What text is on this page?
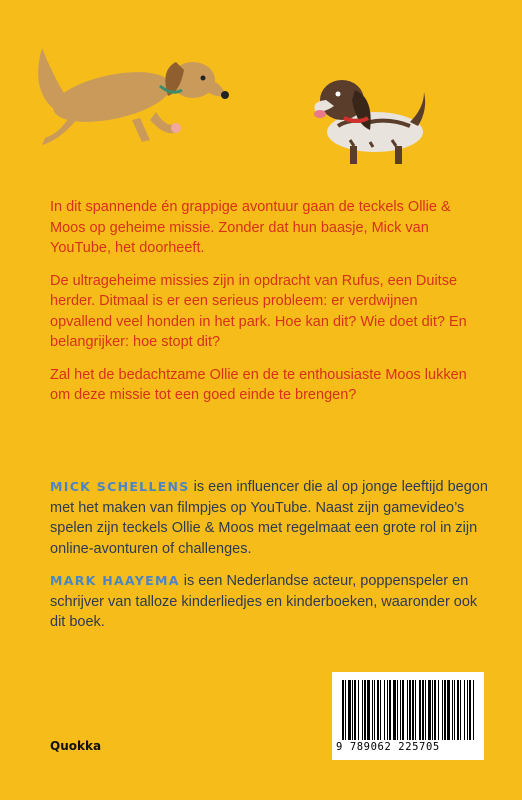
In dit spannende én grappige avontuur gaan de teckels Ollie & Moos op geheime missie. Zonder dat hun baasje, Mick van YouTube, het doorheeft.

De ultrageheime missies zijn in opdracht van Rufus, een Duitse herder. Ditmaal is er een serieus probleem: er verdwijnen opvallend veel honden in het park. Hoe kan dit? Wie doet dit? En belangrijker: hoe stopt dit?

Zal het de bedachtzame Ollie en de te enthousiaste Moos lukken om deze missie tot een goed einde te brengen?

MICK SCHELLENS is een influencer die al op jonge leeftijd begon met het maken van filmpjes op YouTube. Naast zijn gamevideo’s spelen zijn teckels Ollie & Moos met regelmaat een grote rol in zijn online-avonturen of challenges.

MARK HAAYEMA is een Nederlandse acteur, poppenspeler en schrijver van talloze kinderliedjes en kinderboeken, waaronder ook dit boek.

Quokka	9 789062 225705
